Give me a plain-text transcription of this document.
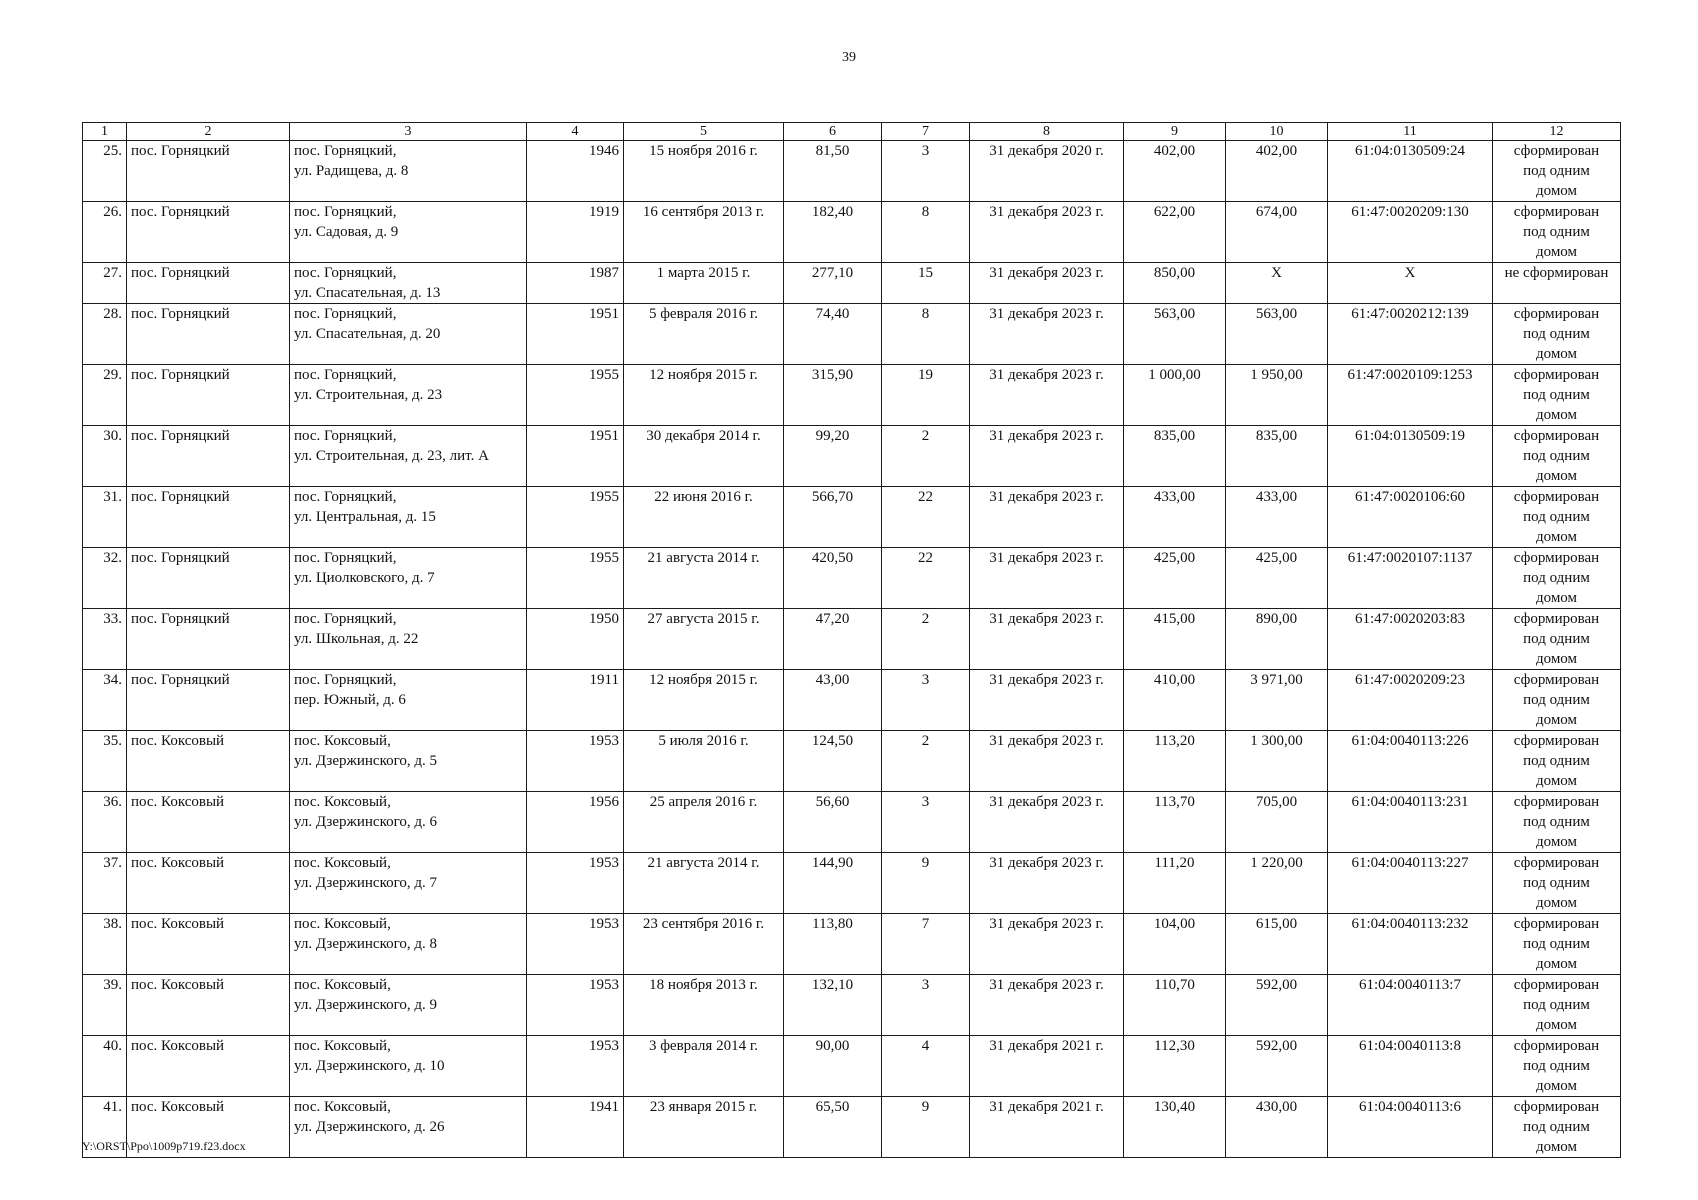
39
1	2	3	4	5	6	7	8	9	10	11	12
25.	пос. Горняцкий	пос. Горняцкий,
ул. Радищева, д. 8	1946	15 ноября 2016 г.	81,50	3	31 декабря 2020 г.	402,00	402,00	61:04:0130509:24	сформирован
под одним
домом

26.	пос. Горняцкий	пос. Горняцкий,
ул. Садовая, д. 9	1919	16 сентября 2013 г.	182,40	8	31 декабря 2023 г.	622,00	674,00	61:47:0020209:130	сформирован
под одним
домом

27.	пос. Горняцкий	пос. Горняцкий,
ул. Спасательная, д. 13	1987	1 марта 2015 г.	277,10	15	31 декабря 2023 г.	850,00	Х	Х	не сформирован

28.	пос. Горняцкий	пос. Горняцкий,
ул. Спасательная, д. 20	1951	5 февраля 2016 г.	74,40	8	31 декабря 2023 г.	563,00	563,00	61:47:0020212:139	сформирован
под одним
домом

29.	пос. Горняцкий	пос. Горняцкий,
ул. Строительная, д. 23	1955	12 ноября 2015 г.	315,90	19	31 декабря 2023 г.	1 000,00	1 950,00	61:47:0020109:1253	сформирован
под одним
домом

30.	пос. Горняцкий	пос. Горняцкий,
ул. Строительная, д. 23, лит. А	1951	30 декабря 2014 г.	99,20	2	31 декабря 2023 г.	835,00	835,00	61:04:0130509:19	сформирован
под одним
домом

31.	пос. Горняцкий	пос. Горняцкий,
ул. Центральная, д. 15	1955	22 июня 2016 г.	566,70	22	31 декабря 2023 г.	433,00	433,00	61:47:0020106:60	сформирован
под одним
домом

32.	пос. Горняцкий	пос. Горняцкий,
ул. Циолковского, д. 7	1955	21 августа 2014 г.	420,50	22	31 декабря 2023 г.	425,00	425,00	61:47:0020107:1137	сформирован
под одним
домом

33.	пос. Горняцкий	пос. Горняцкий,
ул. Школьная, д. 22	1950	27 августа 2015 г.	47,20	2	31 декабря 2023 г.	415,00	890,00	61:47:0020203:83	сформирован
под одним
домом

34.	пос. Горняцкий	пос. Горняцкий,
пер. Южный, д. 6	1911	12 ноября 2015 г.	43,00	3	31 декабря 2023 г.	410,00	3 971,00	61:47:0020209:23	сформирован
под одним
домом

35.	пос. Коксовый	пос. Коксовый,
ул. Дзержинского, д. 5	1953	5 июля 2016 г.	124,50	2	31 декабря 2023 г.	113,20	1 300,00	61:04:0040113:226	сформирован
под одним
домом

36.	пос. Коксовый	пос. Коксовый,
ул. Дзержинского, д. 6	1956	25 апреля 2016 г.	56,60	3	31 декабря 2023 г.	113,70	705,00	61:04:0040113:231	сформирован
под одним
домом

37.	пос. Коксовый	пос. Коксовый,
ул. Дзержинского, д. 7	1953	21 августа 2014 г.	144,90	9	31 декабря 2023 г.	111,20	1 220,00	61:04:0040113:227	сформирован
под одним
домом

38.	пос. Коксовый	пос. Коксовый,
ул. Дзержинского, д. 8	1953	23 сентября 2016 г.	113,80	7	31 декабря 2023 г.	104,00	615,00	61:04:0040113:232	сформирован
под одним
домом

39.	пос. Коксовый	пос. Коксовый,
ул. Дзержинского, д. 9	1953	18 ноября 2013 г.	132,10	3	31 декабря 2023 г.	110,70	592,00	61:04:0040113:7	сформирован
под одним
домом

40.	пос. Коксовый	пос. Коксовый,
ул. Дзержинского, д. 10	1953	3 февраля 2014 г.	90,00	4	31 декабря 2021 г.	112,30	592,00	61:04:0040113:8	сформирован
под одним
домом

41.	пос. Коксовый	пос. Коксовый,
ул. Дзержинского, д. 26	1941	23 января 2015 г.	65,50	9	31 декабря 2021 г.	130,40	430,00	61:04:0040113:6	сформирован
под одним
домом
Y:\ORST\Ppo\1009p719.f23.docx
